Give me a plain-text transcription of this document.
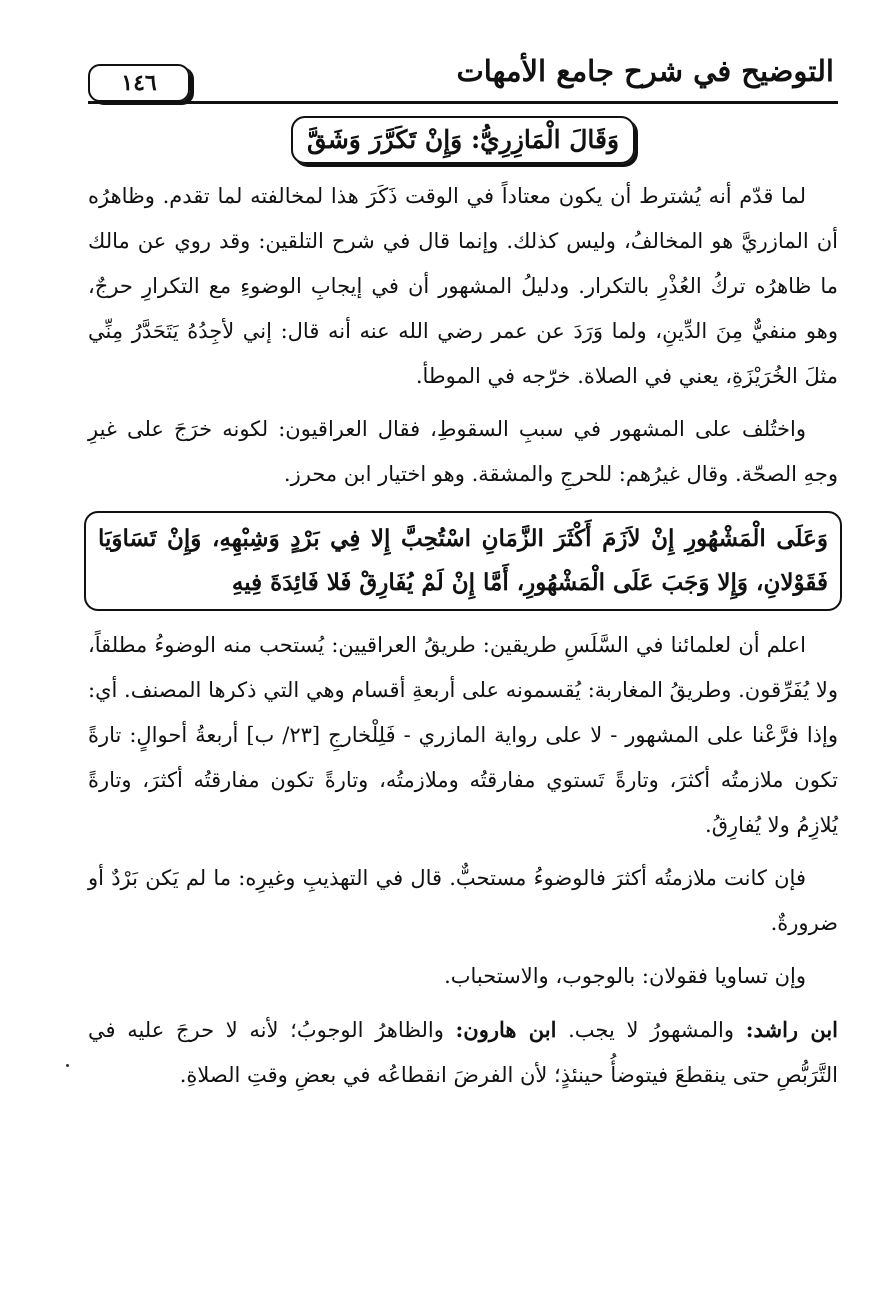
التوضيح في شرح جامع الأمهات
١٤٦
وَقَالَ الْمَازِرِيُّ: وَإِنْ تَكَرَّرَ وَشَقَّ

لما قدّم أنه يُشترط أن يكون معتاداً في الوقت ذَكَرَ هذا لمخالفته لما تقدم. وظاهرُه أن المازريَّ هو المخالفُ، وليس كذلك. وإنما قال في شرح التلقين: وقد روي عن مالك ما ظاهرُه تركُ العُذْرِ بالتكرار. ودليلُ المشهور أن في إيجابِ الوضوءِ مع التكرارِ حرجٌ، وهو منفيٌّ مِنَ الدِّينِ، ولما وَرَدَ عن عمر رضي الله عنه أنه قال: إني لأجِدُهُ يَتَحَدَّرُ مِنِّي مثلَ الخُرَيْزَةِ، يعني في الصلاة. خرّجه في الموطأ.

واختُلف على المشهور في سببِ السقوطِ، فقال العراقيون: لكونه خرَجَ على غيرِ وجهِ الصحّة. وقال غيرُهم: للحرجِ والمشقة. وهو اختيار ابن محرز.

وَعَلَى الْمَشْهُورِ إِنْ لاَزَمَ أَكْثَرَ الزَّمَانِ اسْتُحِبَّ إِلا فِي بَرْدٍ وَشِبْهِهِ، وَإِنْ تَسَاوَيَا فَقَوْلانِ، وَإِلا وَجَبَ عَلَى الْمَشْهُورِ، أَمَّا إِنْ لَمْ يُفَارِقْ فَلا فَائِدَةَ فِيهِ

اعلم أن لعلمائنا في السَّلَسِ طريقين: طريقُ العراقيين: يُستحب منه الوضوءُ مطلقاً، ولا يُفَرِّقون. وطريقُ المغاربة: يُقسمونه على أربعةِ أقسام وهي التي ذكرها المصنف. أي: وإذا فرَّعْنا على المشهور - لا على رواية المازري - فَلِلْخارجِ [٢٣/ ب] أربعةُ أحوالٍ: تارةً تكون ملازمتُه أكثرَ، وتارةً تَستوي مفارقتُه وملازمتُه، وتارةً تكون مفارقتُه أكثرَ، وتارةً يُلازِمُ ولا يُفارِقُ.

فإن كانت ملازمتُه أكثرَ فالوضوءُ مستحبٌّ. قال في التهذيبِ وغيرِه: ما لم يَكن بَرْدٌ أو ضرورةٌ.

وإن تساويا فقولان: بالوجوب، والاستحباب.

ابن راشد: والمشهورُ لا يجب. ابن هارون: والظاهرُ الوجوبُ؛ لأنه لا حرجَ عليه في التَّرَبُّصِ حتى ينقطعَ فيتوضأُ حينئذٍ؛ لأن الفرضَ انقطاعُه في بعضِ وقتِ الصلاةِ.
